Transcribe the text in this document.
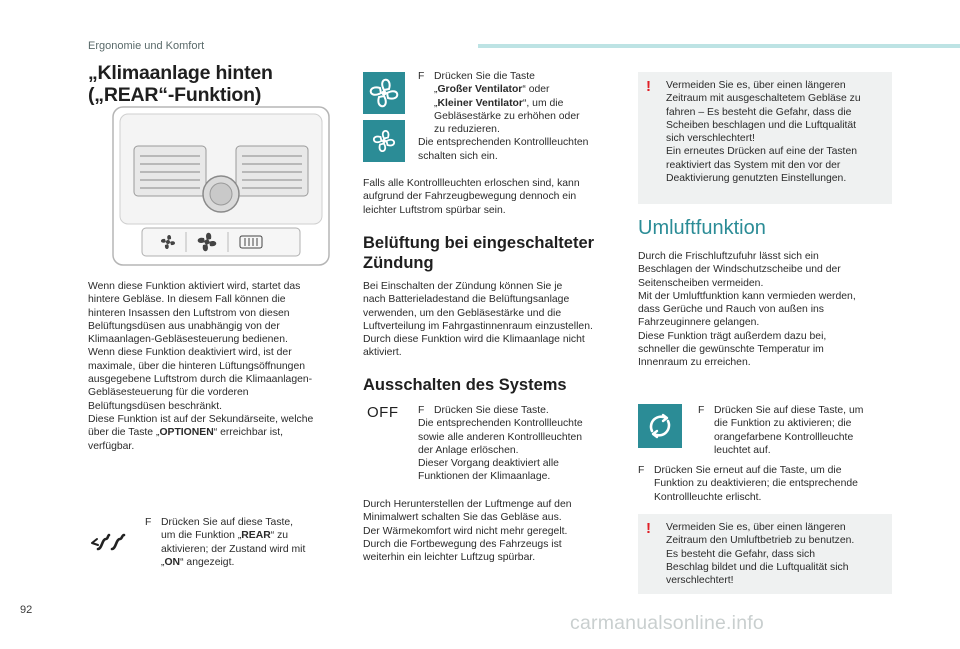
Ergonomie und Komfort
„Klimaanlage hinten („REAR“-Funktion)
Wenn diese Funktion aktiviert wird, startet das
hintere Gebläse. In diesem Fall können die
hinteren Insassen den Luftstrom von diesen
Belüftungsdüsen aus unabhängig von der
Klimaanlagen-Gebläsesteuerung bedienen.
Wenn diese Funktion deaktiviert wird, ist der
maximale, über die hinteren Lüftungsöffnungen
ausgegebene Luftstrom durch die Klimaanlagen-
Gebläsesteuerung für die vorderen
Belüftungsdüsen beschränkt.
Diese Funktion ist auf der Sekundärseite, welche
über die Taste „OPTIONEN“ erreichbar ist,
verfügbar.
F Drücken Sie auf diese Taste,
um die Funktion „REAR“ zu
aktivieren; der Zustand wird mit
„ON“ angezeigt.
F Drücken Sie die Taste
„Großer Ventilator“ oder
„Kleiner Ventilator“, um die
Gebläsestärke zu erhöhen oder
zu reduzieren.
Die entsprechenden Kontrollleuchten
schalten sich ein.
Falls alle Kontrollleuchten erloschen sind, kann
aufgrund der Fahrzeugbewegung dennoch ein
leichter Luftstrom spürbar sein.
Belüftung bei eingeschalteter Zündung
Bei Einschalten der Zündung können Sie je
nach Batterieladestand die Belüftungsanlage
verwenden, um den Gebläsestärke und die
Luftverteilung im Fahrgastinnenraum einzustellen.
Durch diese Funktion wird die Klimaanlage nicht
aktiviert.
Ausschalten des Systems
OFF F Drücken Sie diese Taste.
Die entsprechenden Kontrollleuchte
sowie alle anderen Kontrollleuchten
der Anlage erlöschen.
Dieser Vorgang deaktiviert alle
Funktionen der Klimaanlage.
Durch Herunterstellen der Luftmenge auf den
Minimalwert schalten Sie das Gebläse aus.
Der Wärmekomfort wird nicht mehr geregelt.
Durch die Fortbewegung des Fahrzeugs ist
weiterhin ein leichter Luftzug spürbar.
! Vermeiden Sie es, über einen längeren
Zeitraum mit ausgeschaltetem Gebläse zu
fahren – Es besteht die Gefahr, dass die
Scheiben beschlagen und die Luftqualität
sich verschlechtert!
Ein erneutes Drücken auf eine der Tasten
reaktiviert das System mit den vor der
Deaktivierung genutzten Einstellungen.
Umluftfunktion
Durch die Frischluftzufuhr lässt sich ein
Beschlagen der Windschutzscheibe und der
Seitenscheiben vermeiden.
Mit der Umluftfunktion kann vermieden werden,
dass Gerüche und Rauch von außen ins
Fahrzeuginnere gelangen.
Diese Funktion trägt außerdem dazu bei,
schneller die gewünschte Temperatur im
Innenraum zu erreichen.
F Drücken Sie auf diese Taste, um
die Funktion zu aktivieren; die
orangefarbene Kontrollleuchte
leuchtet auf.
F Drücken Sie erneut auf die Taste, um die
Funktion zu deaktivieren; die entsprechende
Kontrollleuchte erlischt.
! Vermeiden Sie es, über einen längeren
Zeitraum den Umluftbetrieb zu benutzen.
Es besteht die Gefahr, dass sich
Beschlag bildet und die Luftqualität sich
verschlechtert!
92
carmanualsonline.info
